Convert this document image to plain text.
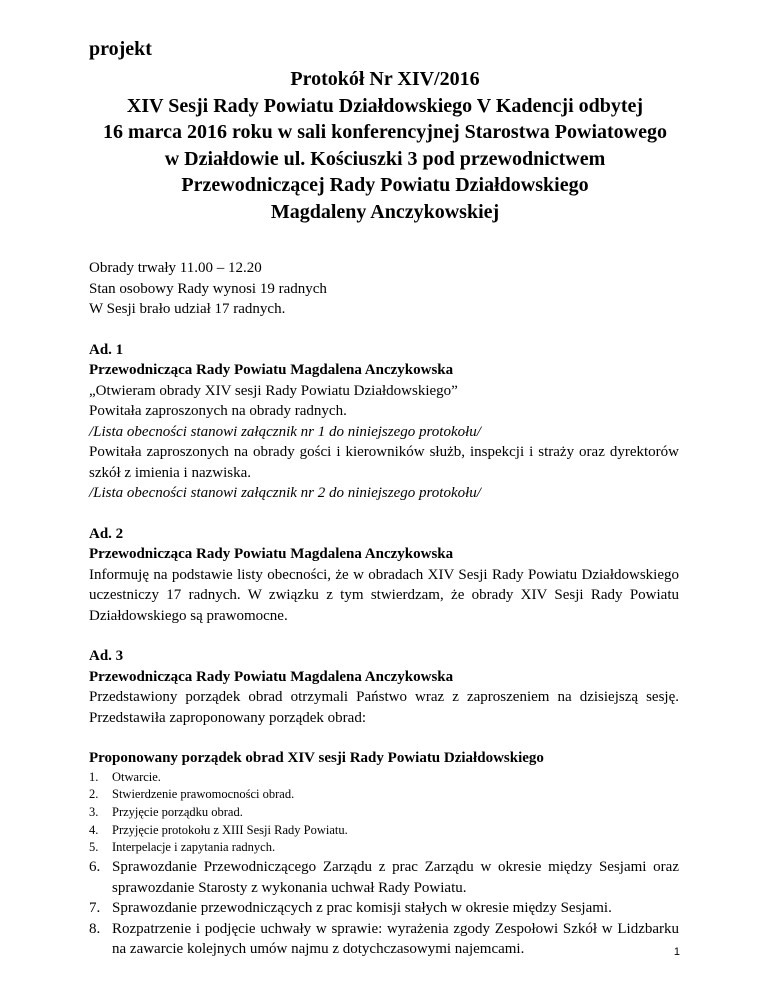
projekt
Protokół Nr XIV/2016
XIV Sesji Rady Powiatu Działdowskiego V Kadencji odbytej
16 marca 2016 roku w sali konferencyjnej Starostwa Powiatowego
w Działdowie ul. Kościuszki 3 pod przewodnictwem
Przewodniczącej Rady Powiatu Działdowskiego
Magdaleny Anczykowskiej

Obrady trwały 11.00 – 12.20

Stan osobowy Rady wynosi 19 radnych

W Sesji brało udział 17 radnych.

Ad. 1

Przewodnicząca Rady Powiatu Magdalena Anczykowska

„Otwieram obrady XIV sesji Rady Powiatu Działdowskiego”

Powitała zaproszonych na obrady radnych.

/Lista obecności stanowi załącznik nr 1 do niniejszego protokołu/

Powitała zaproszonych na obrady gości i kierowników służb, inspekcji i straży oraz dyrektorów szkół z imienia i nazwiska.

/Lista obecności stanowi załącznik nr 2 do niniejszego protokołu/

Ad. 2

Przewodnicząca Rady Powiatu Magdalena Anczykowska

Informuję na podstawie listy obecności, że w obradach XIV Sesji Rady Powiatu Działdowskiego uczestniczy 17 radnych. W związku z tym stwierdzam, że obrady XIV Sesji Rady Powiatu Działdowskiego są prawomocne.

Ad. 3

Przewodnicząca Rady Powiatu Magdalena Anczykowska

Przedstawiony porządek obrad otrzymali Państwo wraz z zaproszeniem na dzisiejszą sesję. Przedstawiła zaproponowany porządek obrad:

Proponowany porządek obrad XIV sesji Rady Powiatu Działdowskiego

1. Otwarcie.
2. Stwierdzenie prawomocności obrad.
3. Przyjęcie porządku obrad.
4. Przyjęcie protokołu z XIII Sesji Rady Powiatu.
5. Interpelacje i zapytania radnych.
6. Sprawozdanie Przewodniczącego Zarządu z prac Zarządu w okresie między Sesjami oraz sprawozdanie Starosty z wykonania uchwał Rady Powiatu.
7. Sprawozdanie przewodniczących z prac komisji stałych w okresie między Sesjami.
8. Rozpatrzenie i podjęcie uchwały w sprawie: wyrażenia zgody Zespołowi Szkół w Lidzbarku na zawarcie kolejnych umów najmu z dotychczasowymi najemcami.	1
